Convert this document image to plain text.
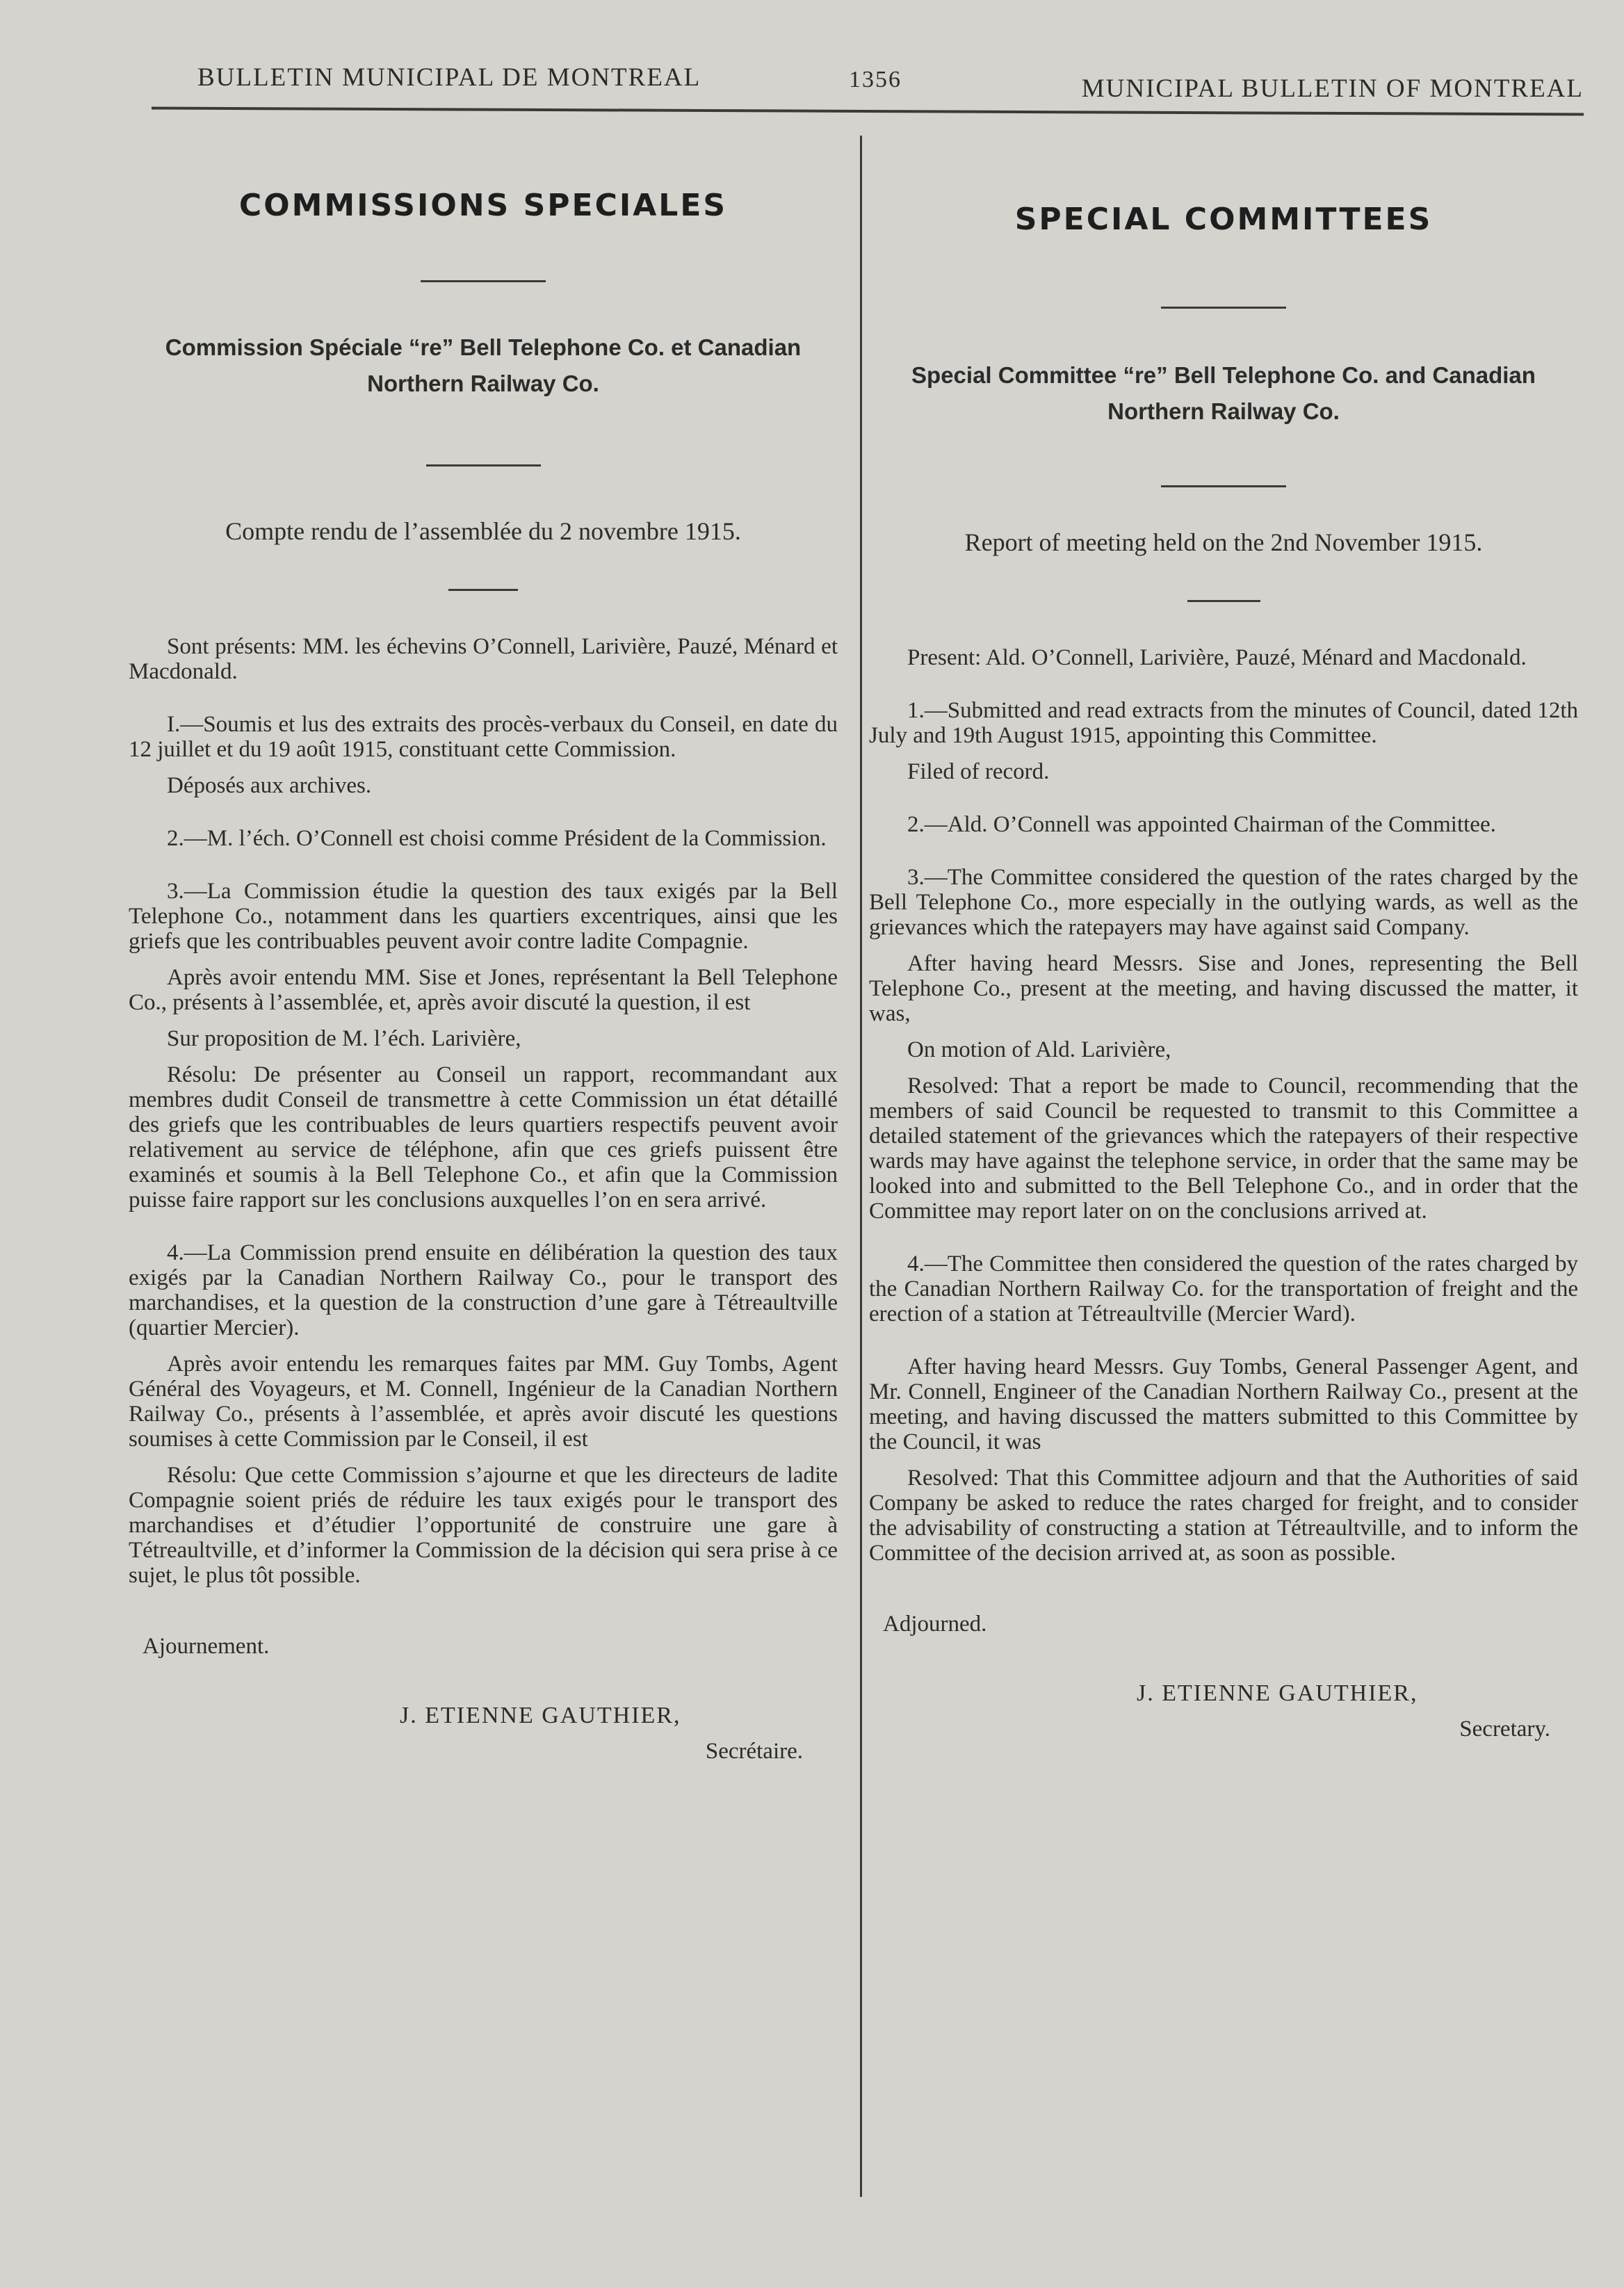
BULLETIN MUNICIPAL DE MONTREAL	1356	MUNICIPAL BULLETIN OF MONTREAL
COMMISSIONS SPECIALES
Commission Spéciale “re” Bell Telephone Co. et Canadian Northern Railway Co.
Compte rendu de l’assemblée du 2 novembre 1915.

Sont présents: MM. les échevins O’Connell, Larivière, Pauzé, Ménard et Macdonald.

I.—Soumis et lus des extraits des procès-verbaux du Conseil, en date du 12 juillet et du 19 août 1915, constituant cette Commission.

Déposés aux archives.

2.—M. l’éch. O’Connell est choisi comme Président de la Commission.

3.—La Commission étudie la question des taux exigés par la Bell Telephone Co., notamment dans les quartiers excentriques, ainsi que les griefs que les contribuables peuvent avoir contre ladite Compagnie.

Après avoir entendu MM. Sise et Jones, représentant la Bell Telephone Co., présents à l’assemblée, et, après avoir discuté la question, il est

Sur proposition de M. l’éch. Larivière,

Résolu: De présenter au Conseil un rapport, recommandant aux membres dudit Conseil de transmettre à cette Commission un état détaillé des griefs que les contribuables de leurs quartiers respectifs peuvent avoir relativement au service de téléphone, afin que ces griefs puissent être examinés et soumis à la Bell Telephone Co., et afin que la Commission puisse faire rapport sur les conclusions auxquelles l’on en sera arrivé.

4.—La Commission prend ensuite en délibération la question des taux exigés par la Canadian Northern Railway Co., pour le transport des marchandises, et la question de la construction d’une gare à Tétreaultville (quartier Mercier).

Après avoir entendu les remarques faites par MM. Guy Tombs, Agent Général des Voyageurs, et M. Connell, Ingénieur de la Canadian Northern Railway Co., présents à l’assemblée, et après avoir discuté les questions soumises à cette Commission par le Conseil, il est

Résolu: Que cette Commission s’ajourne et que les directeurs de ladite Compagnie soient priés de réduire les taux exigés pour le transport des marchandises et d’étudier l’opportunité de construire une gare à Tétreaultville, et d’informer la Commission de la décision qui sera prise à ce sujet, le plus tôt possible.

Ajournement.
J. ETIENNE GAUTHIER,
Secrétaire.
SPECIAL COMMITTEES
Special Committee “re” Bell Telephone Co. and Canadian Northern Railway Co.
Report of meeting held on the 2nd November 1915.

Present: Ald. O’Connell, Larivière, Pauzé, Ménard and Macdonald.

1.—Submitted and read extracts from the minutes of Council, dated 12th July and 19th August 1915, appointing this Committee.

Filed of record.

2.—Ald. O’Connell was appointed Chairman of the Committee.

3.—The Committee considered the question of the rates charged by the Bell Telephone Co., more especially in the outlying wards, as well as the grievances which the ratepayers may have against said Company.

After having heard Messrs. Sise and Jones, representing the Bell Telephone Co., present at the meeting, and having discussed the matter, it was,

On motion of Ald. Larivière,

Resolved: That a report be made to Council, recommending that the members of said Council be requested to transmit to this Committee a detailed statement of the grievances which the ratepayers of their respective wards may have against the telephone service, in order that the same may be looked into and submitted to the Bell Telephone Co., and in order that the Committee may report later on on the conclusions arrived at.

4.—The Committee then considered the question of the rates charged by the Canadian Northern Railway Co. for the transportation of freight and the erection of a station at Tétreaultville (Mercier Ward).

After having heard Messrs. Guy Tombs, General Passenger Agent, and Mr. Connell, Engineer of the Canadian Northern Railway Co., present at the meeting, and having discussed the matters submitted to this Committee by the Council, it was

Resolved: That this Committee adjourn and that the Authorities of said Company be asked to reduce the rates charged for freight, and to consider the advisability of constructing a station at Tétreaultville, and to inform the Committee of the decision arrived at, as soon as possible.

Adjourned.
J. ETIENNE GAUTHIER,
Secretary.
